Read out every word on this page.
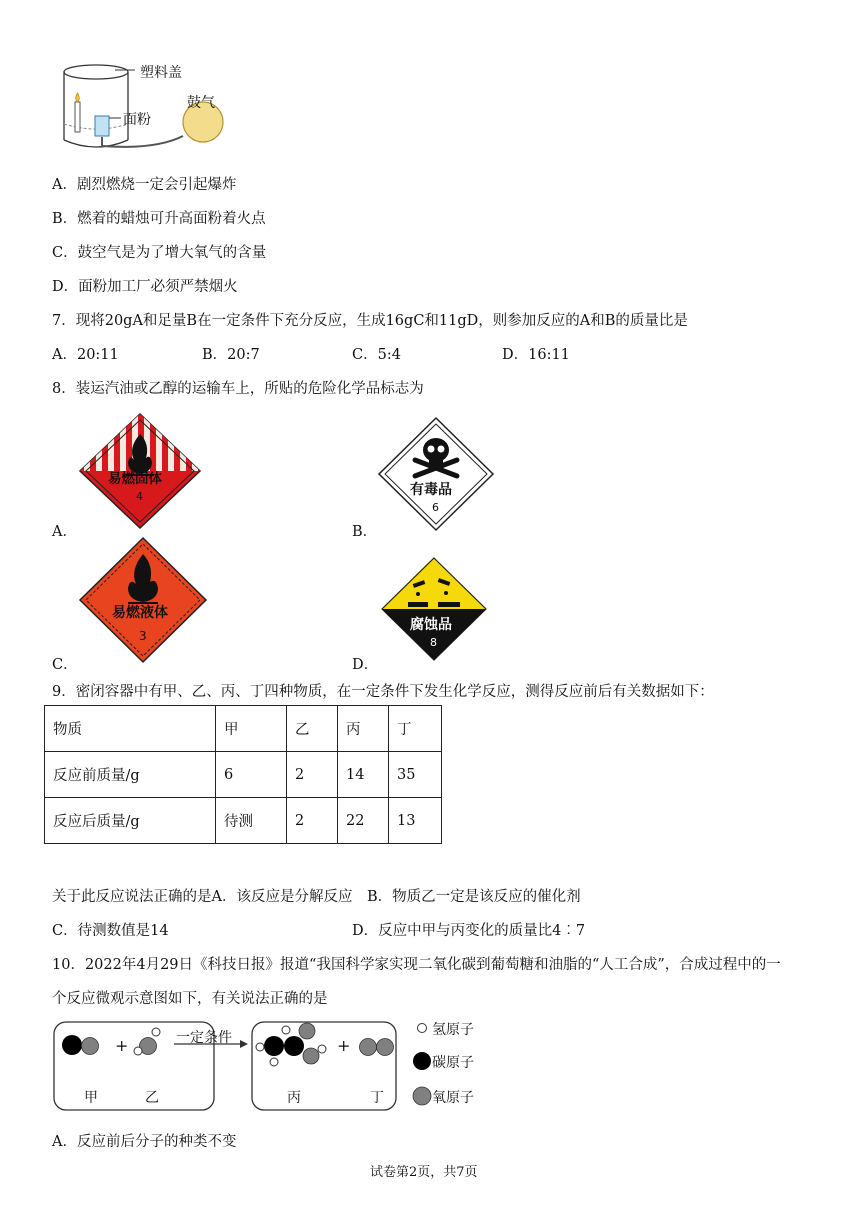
塑料盖
面粉
鼓气
A．剧烈燃烧一定会引起爆炸
B．燃着的蜡烛可升高面粉着火点
C．鼓空气是为了增大氧气的含量
D．面粉加工厂必须严禁烟火
7．现将20gA和足量B在一定条件下充分反应，生成16gC和11gD，则参加反应的A和B的质量比是
A．20:11	B．20:7	C．5:4	D．16:11
8．装运汽油或乙醇的运输车上，所贴的危险化学品标志为
易燃固体
4
A．
有毒品
6
B．
易燃液体
3
C．
腐蚀品
8
D．
9．密闭容器中有甲、乙、丙、丁四种物质，在一定条件下发生化学反应，测得反应前后有关数据如下：
物质	甲	乙	丙	丁
反应前质量/g	6	2	14	35
反应后质量/g	待测	2	22	13
关于此反应说法正确的是A．该反应是分解反应　B．物质乙一定是该反应的催化剂
C．待测数值是14	D．反应中甲与丙变化的质量比4︰7
10．2022年4月29日《科技日报》报道“我国科学家实现二氧化碳到葡萄糖和油脂的“人工合成”，合成过程中的一
个反应微观示意图如下，有关说法正确的是
+	+
一定条件
甲	乙	丙	丁
氢原子
碳原子
氧原子
A．反应前后分子的种类不变
试卷第2页，共7页
